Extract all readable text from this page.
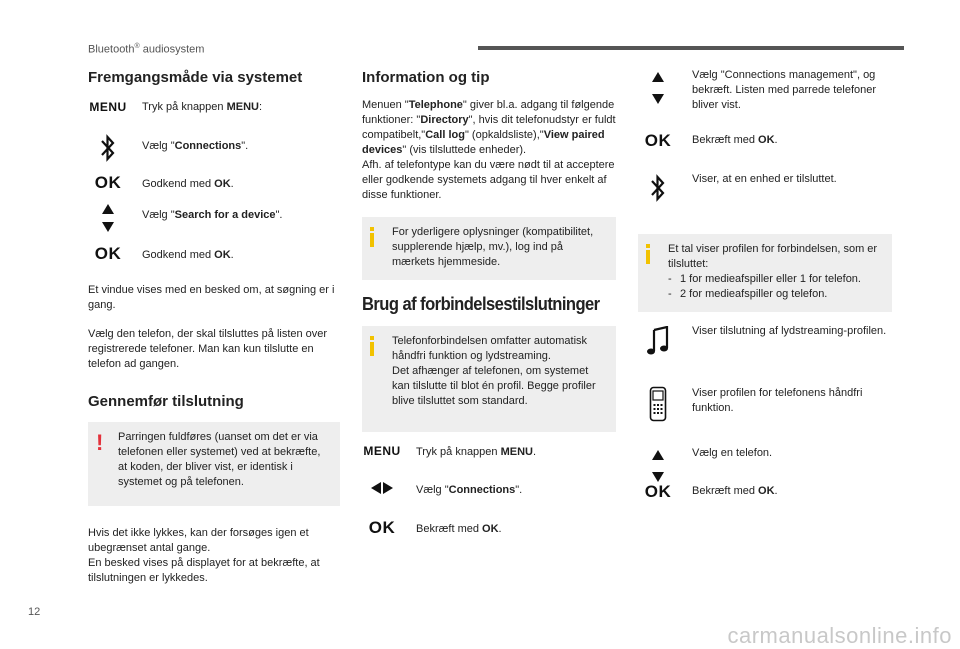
Bluetooth® audiosystem
Fremgangsmåde via systemet
MENU	Tryk på knappen MENU:
Vælg "Connections".
OK	Godkend med OK.
Vælg "Search for a device".
OK	Godkend med OK.

Et vindue vises med en besked om, at søgning er i gang.

Vælg den telefon, der skal tilsluttes på listen over registrerede telefoner. Man kan kun tilslutte en telefon ad gangen.

Gennemfør tilslutning
! Parringen fuldføres (uanset om det er via telefonen eller systemet) ved at bekræfte, at koden, der bliver vist, er identisk i systemet og på telefonen.

Hvis det ikke lykkes, kan der forsøges igen et ubegrænset antal gange.

En besked vises på displayet for at bekræfte, at tilslutningen er lykkedes.

Information og tip

Menuen "Telephone" giver bl.a. adgang til følgende funktioner: "Directory", hvis dit telefonudstyr er fuldt compatibelt,"Call log" (opkaldsliste),"View paired devices" (vis tilsluttede enheder).

Afh. af telefontype kan du være nødt til at acceptere eller godkende systemets adgang til hver enkelt af disse funktioner.

For yderligere oplysninger (kompatibilitet, supplerende hjælp, mv.), log ind på mærkets hjemmeside.

Brug af forbindelsestilslutninger

Telefonforbindelsen omfatter automatisk håndfri funktion og lydstreaming.

Det afhænger af telefonen, om systemet kan tilslutte til blot én profil. Begge profiler blive tilsluttet som standard.

MENU	Tryk på knappen MENU.
Vælg "Connections".
OK	Bekræft med OK.
Vælg "Connections management", og bekræft. Listen med parrede telefoner bliver vist.
OK	Bekræft med OK.
Viser, at en enhed er tilsluttet.

Et tal viser profilen for forbindelsen, som er tilsluttet:

- 1 for medieafspiller eller 1 for telefon.
- 2 for medieafspiller og telefon.
Viser tilslutning af lydstreaming-profilen.
Viser profilen for telefonens håndfri funktion.
Vælg en telefon.
OK	Bekræft med OK.
12
carmanualsonline.info
